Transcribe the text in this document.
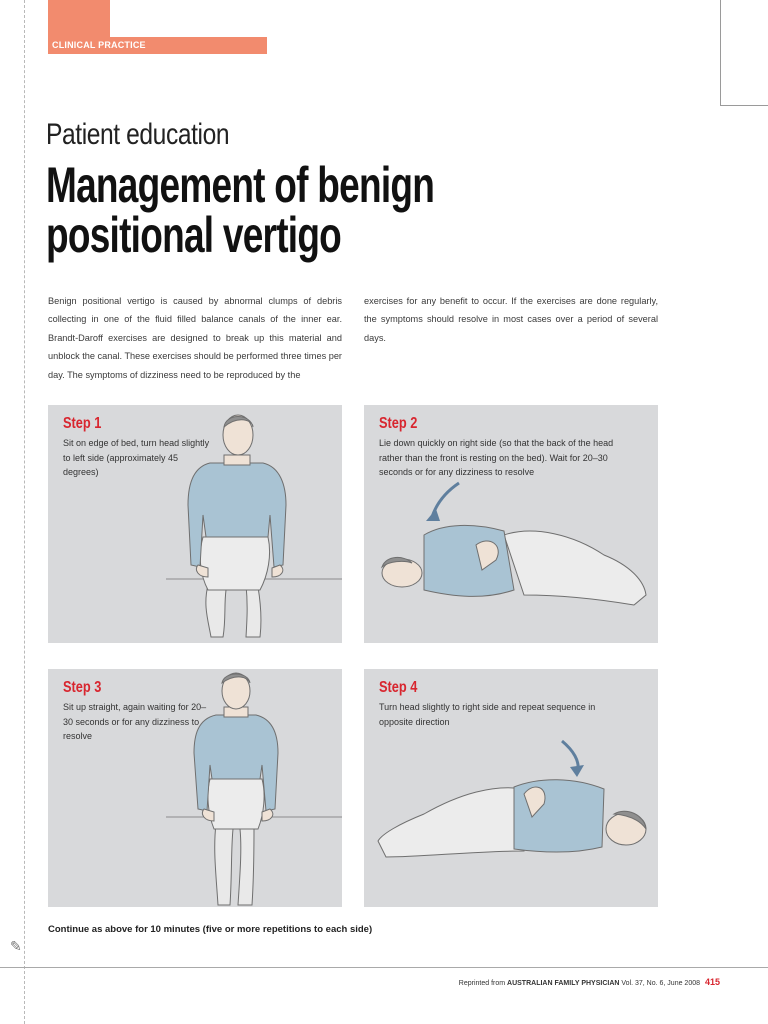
✎
CLINICAL PRACTICE
Patient education
Management of benign
positional vertigo

Benign positional vertigo is caused by abnormal clumps of debris collecting in one of the fluid filled balance canals of the inner ear. Brandt-Daroff exercises are designed to break up this material and unblock the canal. These exercises should be performed three times per day. The symptoms of dizziness need to be reproduced by the

exercises for any benefit to occur. If the exercises are done regularly, the symptoms should resolve in most cases over a period of several days.

Step 1

Sit on edge of bed, turn head slightly to left side (approximately 45 degrees)

Step 2

Lie down quickly on right side (so that the back of the head rather than the front is resting on the bed). Wait for 20–30 seconds or for any dizziness to resolve

Step 3

Sit up straight, again waiting for 20–30 seconds or for any dizziness to resolve

Step 4

Turn head slightly to right side and repeat sequence in opposite direction

Continue as above for 10 minutes (five or more repetitions to each side)
Reprinted from AUSTRALIAN FAMILY PHYSICIAN Vol. 37, No. 6, June 2008 415
